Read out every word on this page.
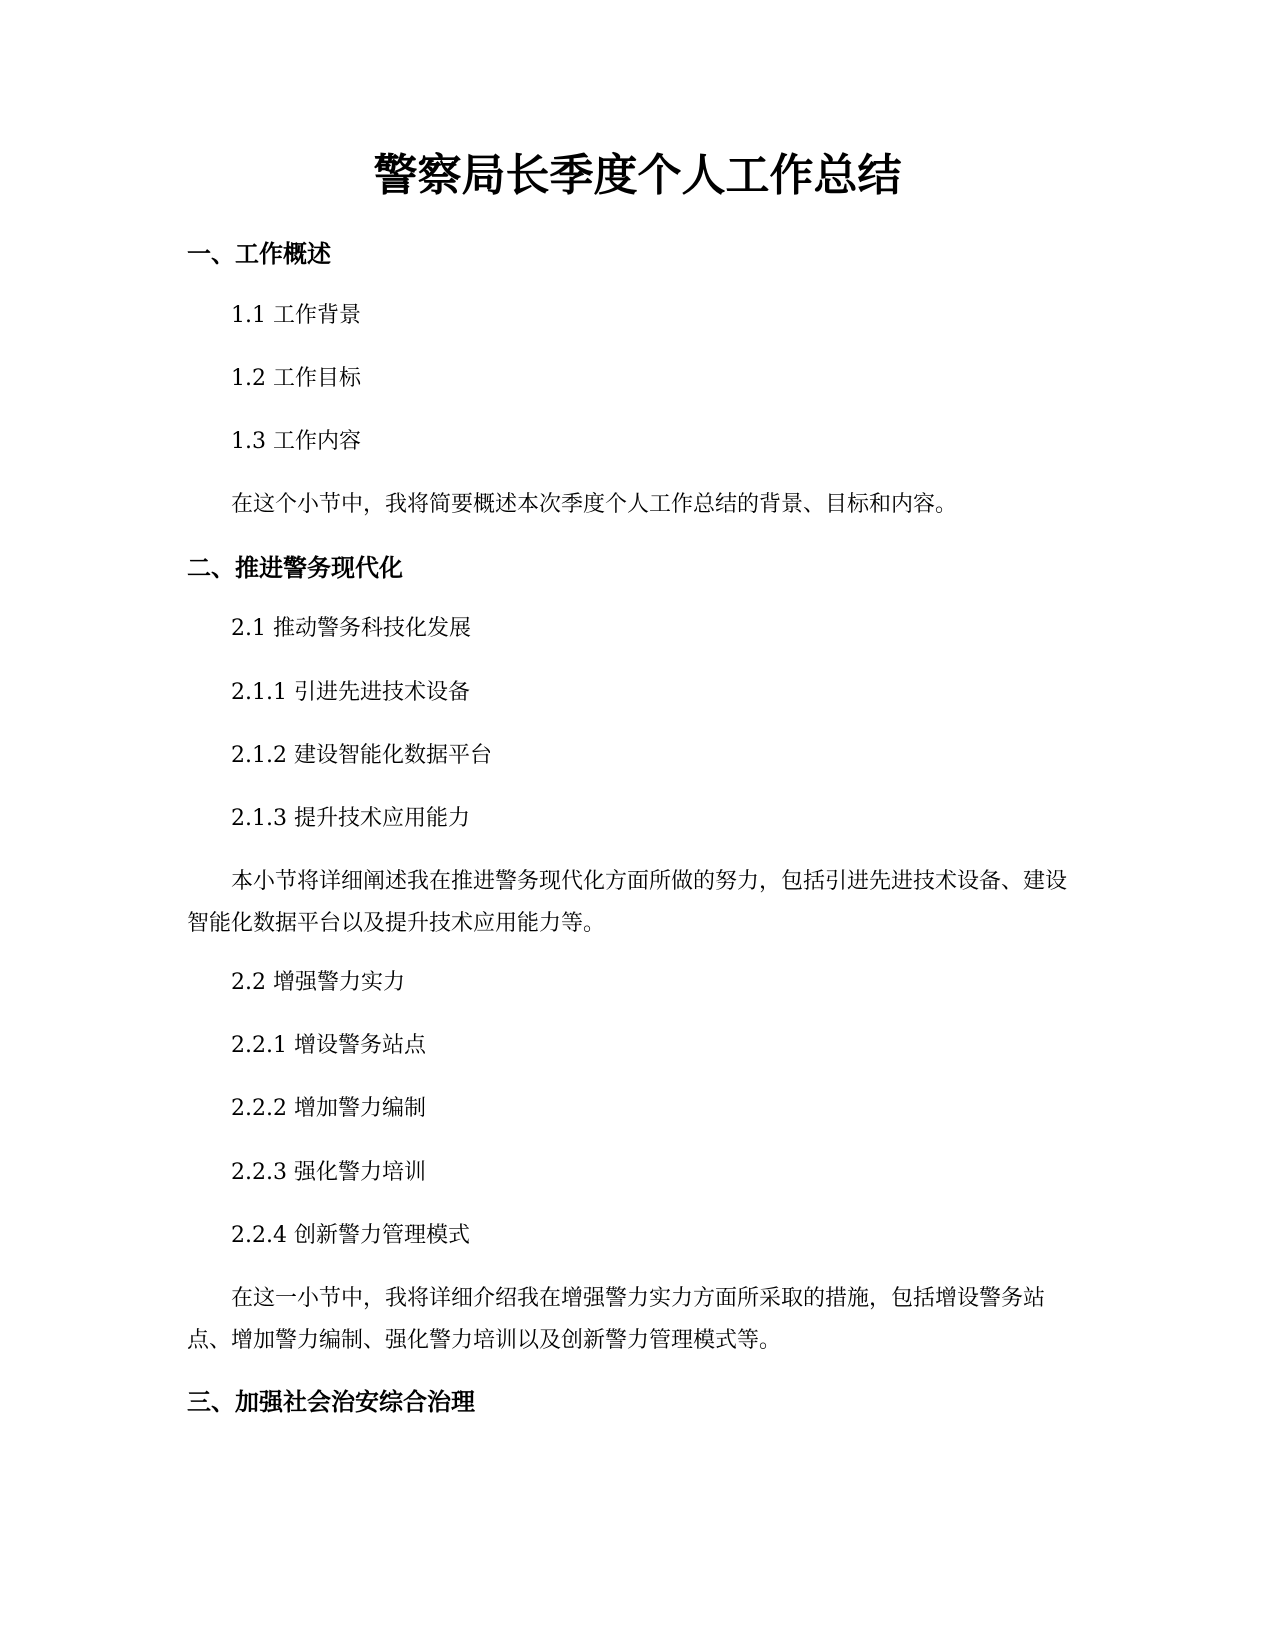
警察局长季度个人工作总结
一、工作概述

1.1 工作背景

1.2 工作目标

1.3 工作内容

在这个小节中，我将简要概述本次季度个人工作总结的背景、目标和内容。

二、推进警务现代化

2.1 推动警务科技化发展

2.1.1 引进先进技术设备

2.1.2 建设智能化数据平台

2.1.3 提升技术应用能力

本小节将详细阐述我在推进警务现代化方面所做的努力，包括引进先进技术设备、建设智能化数据平台以及提升技术应用能力等。

2.2 增强警力实力

2.2.1 增设警务站点

2.2.2 增加警力编制

2.2.3 强化警力培训

2.2.4 创新警力管理模式

在这一小节中，我将详细介绍我在增强警力实力方面所采取的措施，包括增设警务站点、增加警力编制、强化警力培训以及创新警力管理模式等。

三、加强社会治安综合治理
